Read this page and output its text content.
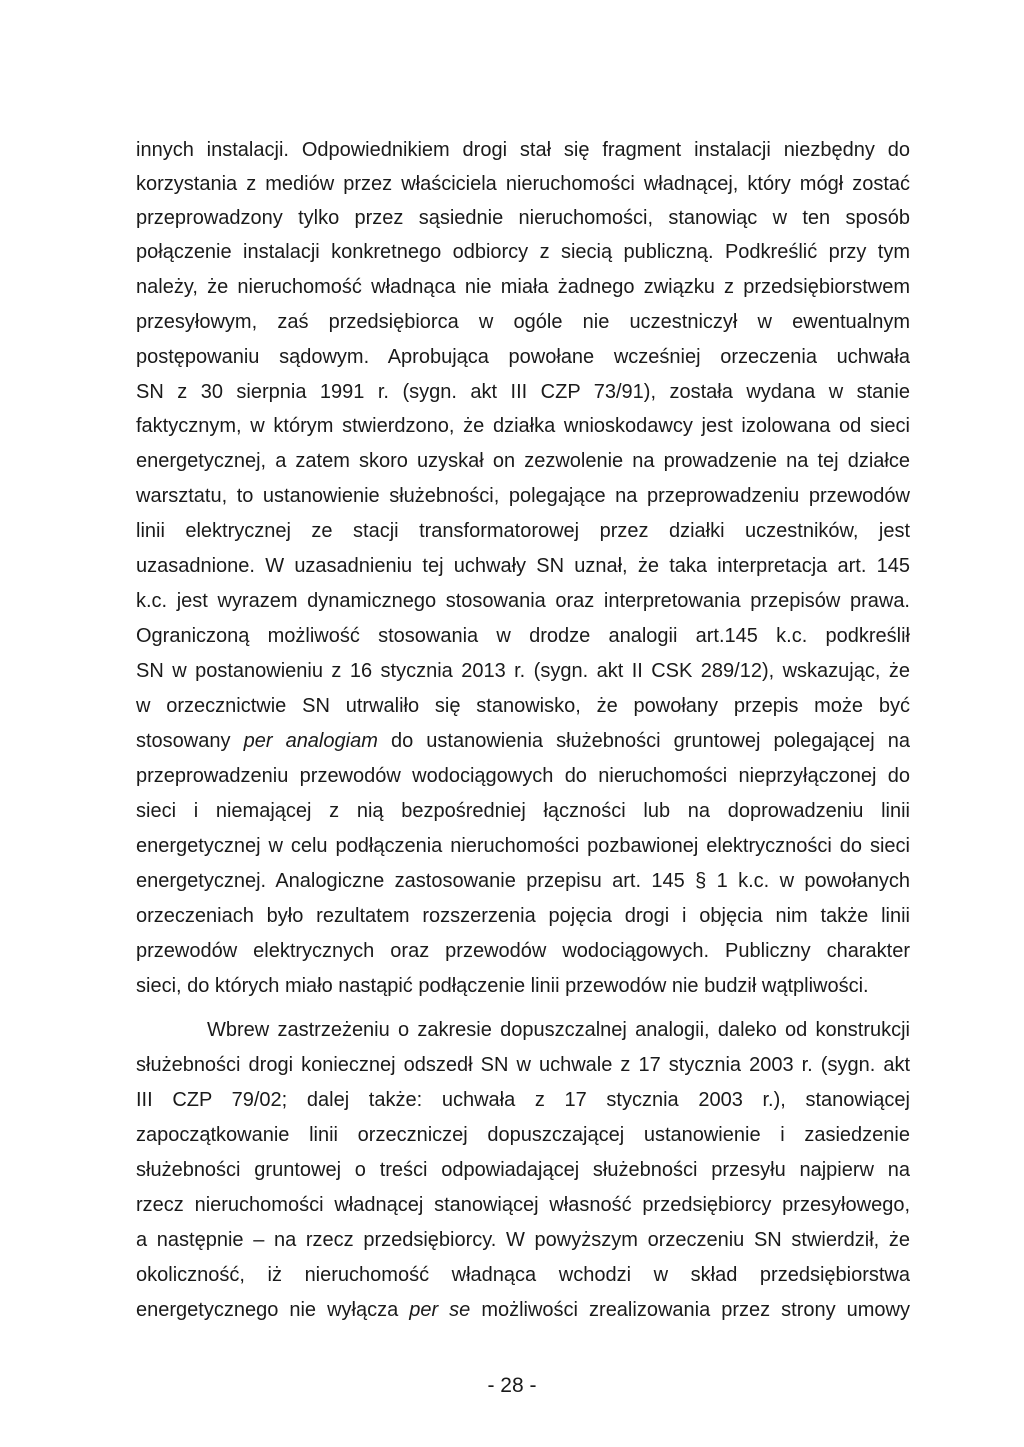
innych instalacji. Odpowiednikiem drogi stał się fragment instalacji niezbędny do

korzystania z mediów przez właściciela nieruchomości władnącej, który mógł zostać

przeprowadzony tylko przez sąsiednie nieruchomości, stanowiąc w ten sposób

połączenie instalacji konkretnego odbiorcy z siecią publiczną. Podkreślić przy tym

należy, że nieruchomość władnąca nie miała żadnego związku z przedsiębiorstwem

przesyłowym, zaś przedsiębiorca w ogóle nie uczestniczył w ewentualnym

postępowaniu sądowym. Aprobująca powołane wcześniej orzeczenia uchwała

SN z 30 sierpnia 1991 r. (sygn. akt III CZP 73/91), została wydana w stanie

faktycznym, w którym stwierdzono, że działka wnioskodawcy jest izolowana od sieci

energetycznej, a zatem skoro uzyskał on zezwolenie na prowadzenie na tej działce

warsztatu, to ustanowienie służebności, polegające na przeprowadzeniu przewodów

linii elektrycznej ze stacji transformatorowej przez działki uczestników, jest

uzasadnione. W uzasadnieniu tej uchwały SN uznał, że taka interpretacja art. 145

k.c. jest wyrazem dynamicznego stosowania oraz interpretowania przepisów prawa.

Ograniczoną możliwość stosowania w drodze analogii art.145 k.c. podkreślił

SN w postanowieniu z 16 stycznia 2013 r. (sygn. akt II CSK 289/12), wskazując, że

w orzecznictwie SN utrwaliło się stanowisko, że powołany przepis może być

stosowany per analogiam do ustanowienia służebności gruntowej polegającej na

przeprowadzeniu przewodów wodociągowych do nieruchomości nieprzyłączonej do

sieci i niemającej z nią bezpośredniej łączności lub na doprowadzeniu linii

energetycznej w celu podłączenia nieruchomości pozbawionej elektryczności do sieci

energetycznej. Analogiczne zastosowanie przepisu art. 145 § 1 k.c. w powołanych

orzeczeniach było rezultatem rozszerzenia pojęcia drogi i objęcia nim także linii

przewodów elektrycznych oraz przewodów wodociągowych. Publiczny charakter

sieci, do których miało nastąpić podłączenie linii przewodów nie budził wątpliwości.

Wbrew zastrzeżeniu o zakresie dopuszczalnej analogii, daleko od konstrukcji

służebności drogi koniecznej odszedł SN w uchwale z 17 stycznia 2003 r. (sygn. akt

III CZP 79/02; dalej także: uchwała z 17 stycznia 2003 r.), stanowiącej

zapoczątkowanie linii orzeczniczej dopuszczającej ustanowienie i zasiedzenie

służebności gruntowej o treści odpowiadającej służebności przesyłu najpierw na

rzecz nieruchomości władnącej stanowiącej własność przedsiębiorcy przesyłowego,

a następnie – na rzecz przedsiębiorcy. W powyższym orzeczeniu SN stwierdził, że

okoliczność, iż nieruchomość władnąca wchodzi w skład przedsiębiorstwa

energetycznego nie wyłącza per se możliwości zrealizowania przez strony umowy

- 28 -
